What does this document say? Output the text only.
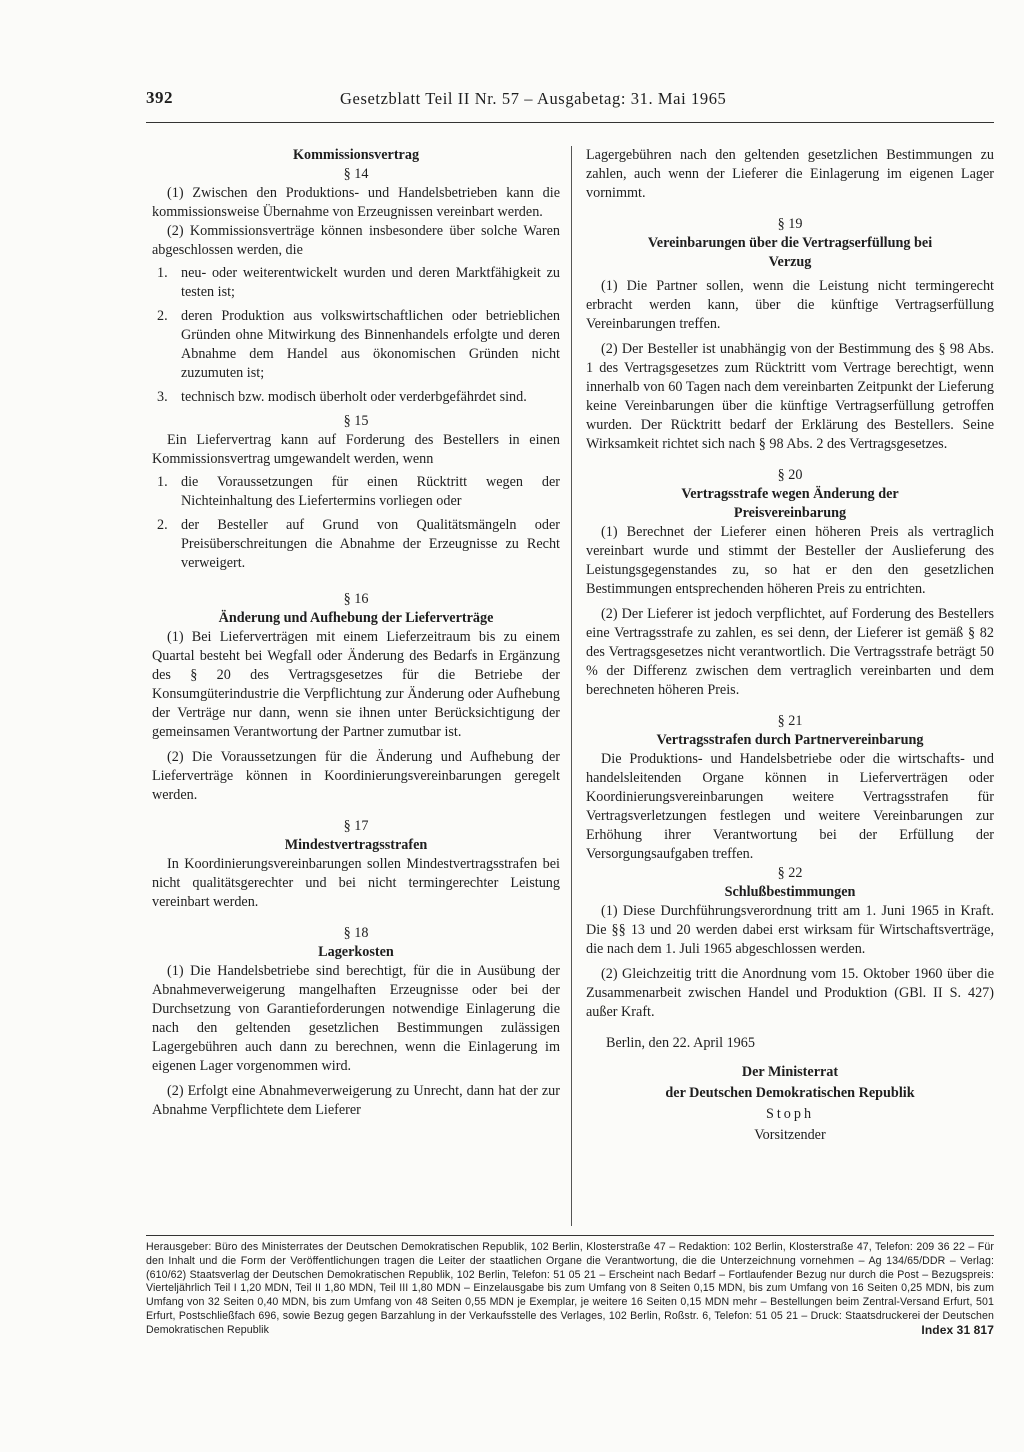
392	Gesetzblatt Teil II Nr. 57 – Ausgabetag: 31. Mai 1965
Kommissionsvertrag
§ 14

(1) Zwischen den Produktions- und Handelsbetrieben kann die kommissionsweise Übernahme von Erzeugnissen vereinbart werden.

(2) Kommissionsverträge können insbesondere über solche Waren abgeschlossen werden, die

1. neu- oder weiterentwickelt wurden und deren Marktfähigkeit zu testen ist;
2. deren Produktion aus volkswirtschaftlichen oder betrieblichen Gründen ohne Mitwirkung des Binnenhandels erfolgte und deren Abnahme dem Handel aus ökonomischen Gründen nicht zuzumuten ist;
3. technisch bzw. modisch überholt oder verderbgefährdet sind.
§ 15

Ein Liefervertrag kann auf Forderung des Bestellers in einen Kommissionsvertrag umgewandelt werden, wenn

1. die Voraussetzungen für einen Rücktritt wegen der Nichteinhaltung des Liefertermins vorliegen oder
2. der Besteller auf Grund von Qualitätsmängeln oder Preisüberschreitungen die Abnahme der Erzeugnisse zu Recht verweigert.
§ 16
Änderung und Aufhebung der Lieferverträge

(1) Bei Lieferverträgen mit einem Lieferzeitraum bis zu einem Quartal besteht bei Wegfall oder Änderung des Bedarfs in Ergänzung des § 20 des Vertragsgesetzes für die Betriebe der Konsumgüterindustrie die Verpflichtung zur Änderung oder Aufhebung der Verträge nur dann, wenn sie ihnen unter Berücksichtigung der gemeinsamen Verantwortung der Partner zumutbar ist.

(2) Die Voraussetzungen für die Änderung und Aufhebung der Lieferverträge können in Koordinierungsvereinbarungen geregelt werden.

§ 17
Mindestvertragsstrafen

In Koordinierungsvereinbarungen sollen Mindestvertragsstrafen bei nicht qualitätsgerechter und bei nicht termingerechter Leistung vereinbart werden.

§ 18
Lagerkosten

(1) Die Handelsbetriebe sind berechtigt, für die in Ausübung der Abnahmeverweigerung mangelhaften Erzeugnisse oder bei der Durchsetzung von Garantieforderungen notwendige Einlagerung die nach den geltenden gesetzlichen Bestimmungen zulässigen Lagergebühren auch dann zu berechnen, wenn die Einlagerung im eigenen Lager vorgenommen wird.

(2) Erfolgt eine Abnahmeverweigerung zu Unrecht, dann hat der zur Abnahme Verpflichtete dem Lieferer

Lagergebühren nach den geltenden gesetzlichen Bestimmungen zu zahlen, auch wenn der Lieferer die Einlagerung im eigenen Lager vornimmt.

§ 19
Vereinbarungen über die Vertragserfüllung bei Verzug

(1) Die Partner sollen, wenn die Leistung nicht termingerecht erbracht werden kann, über die künftige Vertragserfüllung Vereinbarungen treffen.

(2) Der Besteller ist unabhängig von der Bestimmung des § 98 Abs. 1 des Vertragsgesetzes zum Rücktritt vom Vertrage berechtigt, wenn innerhalb von 60 Tagen nach dem vereinbarten Zeitpunkt der Lieferung keine Vereinbarungen über die künftige Vertragserfüllung getroffen wurden. Der Rücktritt bedarf der Erklärung des Bestellers. Seine Wirksamkeit richtet sich nach § 98 Abs. 2 des Vertragsgesetzes.

§ 20
Vertragsstrafe wegen Änderung der Preisvereinbarung

(1) Berechnet der Lieferer einen höheren Preis als vertraglich vereinbart wurde und stimmt der Besteller der Auslieferung des Leistungsgegenstandes zu, so hat er den den gesetzlichen Bestimmungen entsprechenden höheren Preis zu entrichten.

(2) Der Lieferer ist jedoch verpflichtet, auf Forderung des Bestellers eine Vertragsstrafe zu zahlen, es sei denn, der Lieferer ist gemäß § 82 des Vertragsgesetzes nicht verantwortlich. Die Vertragsstrafe beträgt 50 % der Differenz zwischen dem vertraglich vereinbarten und dem berechneten höheren Preis.

§ 21
Vertragsstrafen durch Partnervereinbarung

Die Produktions- und Handelsbetriebe oder die wirtschafts- und handelsleitenden Organe können in Lieferverträgen oder Koordinierungsvereinbarungen weitere Vertragsstrafen für Vertragsverletzungen festlegen und weitere Vereinbarungen zur Erhöhung ihrer Verantwortung bei der Erfüllung der Versorgungsaufgaben treffen.

§ 22
Schlußbestimmungen

(1) Diese Durchführungsverordnung tritt am 1. Juni 1965 in Kraft. Die §§ 13 und 20 werden dabei erst wirksam für Wirtschaftsverträge, die nach dem 1. Juli 1965 abgeschlossen werden.

(2) Gleichzeitig tritt die Anordnung vom 15. Oktober 1960 über die Zusammenarbeit zwischen Handel und Produktion (GBl. II S. 427) außer Kraft.

Berlin, den 22. April 1965

Der Ministerrat
der Deutschen Demokratischen Republik
Stoph
Vorsitzender
Herausgeber: Büro des Ministerrates der Deutschen Demokratischen Republik, 102 Berlin, Klosterstraße 47 – Redaktion: 102 Berlin, Klosterstraße 47, Telefon: 209 36 22 – Für den Inhalt und die Form der Veröffentlichungen tragen die Leiter der staatlichen Organe die Verantwortung, die die Unterzeichnung vornehmen – Ag 134/65/DDR – Verlag: (610/62) Staatsverlag der Deutschen Demokratischen Republik, 102 Berlin, Telefon: 51 05 21 – Erscheint nach Bedarf – Fortlaufender Bezug nur durch die Post – Bezugspreis: Vierteljährlich Teil I 1,20 MDN, Teil II 1,80 MDN, Teil III 1,80 MDN – Einzelausgabe bis zum Umfang von 8 Seiten 0,15 MDN, bis zum Umfang von 16 Seiten 0,25 MDN, bis zum Umfang von 32 Seiten 0,40 MDN, bis zum Umfang von 48 Seiten 0,55 MDN je Exemplar, je weitere 16 Seiten 0,15 MDN mehr – Bestellungen beim Zentral-Versand Erfurt, 501 Erfurt, Postschließfach 696, sowie Bezug gegen Barzahlung in der Verkaufsstelle des Verlages, 102 Berlin, Roßstr. 6, Telefon: 51 05 21 – Druck: Staatsdruckerei der Deutschen Demokratischen Republik	Index 31 817
